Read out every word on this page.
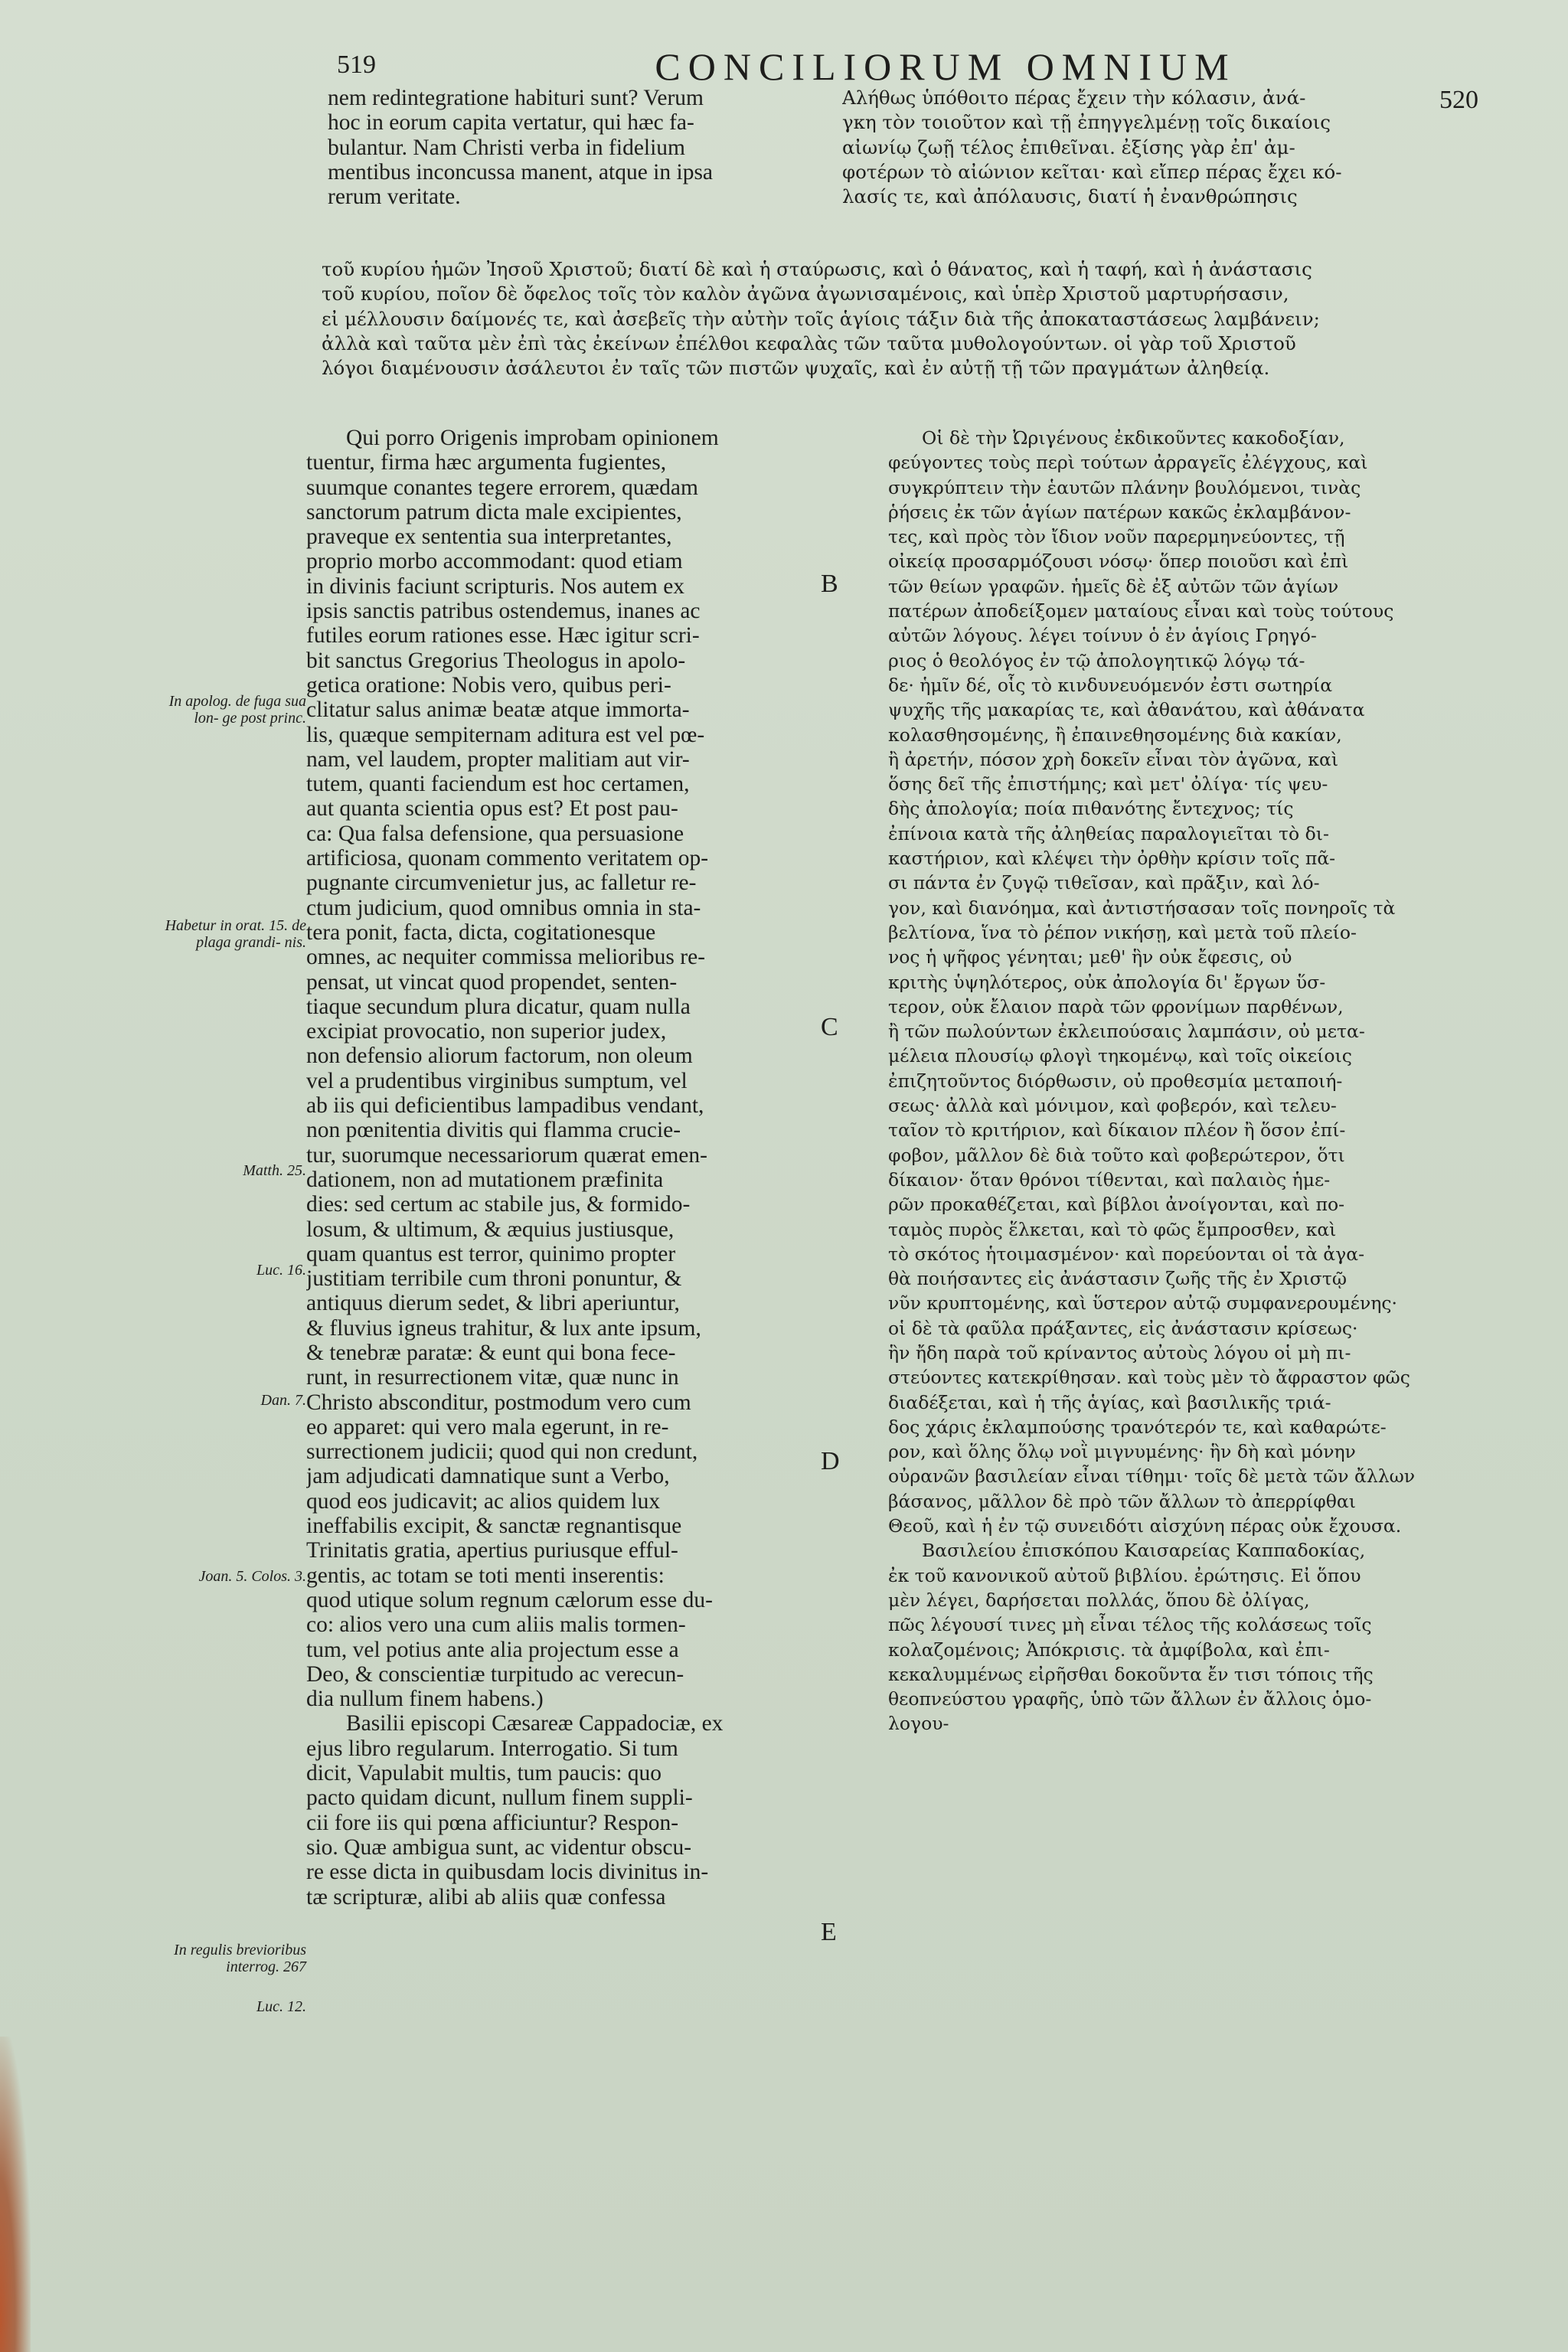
519	CONCILIORUM OMNIUM
520
nem redintegratione habituri sunt? Verum
hoc in eorum capita vertatur, qui hæc fa-
bulantur. Nam Christi verba in fidelium
mentibus inconcussa manent, atque in ipsa
rerum veritate.
Αλήθως ὑπόθοιτο πέρας ἔχειν τὴν κόλασιν, ἀνά-
γκη τὸν τοιοῦτον καὶ τῇ ἐπηγγελμένῃ τοῖς δικαίοις
αἰωνίῳ ζωῇ τέλος ἐπιθεῖναι. ἐξίσης γὰρ ἐπ' ἀμ-
φοτέρων τὸ αἰώνιον κεῖται· καὶ εἴπερ πέρας ἔχει κό-
λασίς τε, καὶ ἀπόλαυσις, διατί ἡ ἐνανθρώπησις
τοῦ κυρίου ἡμῶν Ἰησοῦ Χριστοῦ; διατί δὲ καὶ ἡ σταύρωσις, καὶ ὁ θάνατος, καὶ ἡ ταφή, καὶ ἡ ἀνάστασις
τοῦ κυρίου, ποῖον δὲ ὄφελος τοῖς τὸν καλὸν ἀγῶνα ἀγωνισαμένοις, καὶ ὑπὲρ Χριστοῦ μαρτυρήσασιν,
εἰ μέλλουσιν δαίμονές τε, καὶ ἀσεβεῖς τὴν αὐτὴν τοῖς ἁγίοις τάξιν διὰ τῆς ἀποκαταστάσεως λαμβάνειν;
ἀλλὰ καὶ ταῦτα μὲν ἐπὶ τὰς ἐκείνων ἐπέλθοι κεφαλὰς τῶν ταῦτα μυθολογούντων. οἱ γὰρ τοῦ Χριστοῦ
λόγοι διαμένουσιν ἀσάλευτοι ἐν ταῖς τῶν πιστῶν ψυχαῖς, καὶ ἐν αὐτῇ τῇ τῶν πραγμάτων ἀληθείᾳ.
Qui porro Origenis improbam opinionem
tuentur, firma hæc argumenta fugientes,
suumque conantes tegere errorem, quædam
sanctorum patrum dicta male excipientes,
praveque ex sententia sua interpretantes,
proprio morbo accommodant: quod etiam
in divinis faciunt scripturis. Nos autem ex
ipsis sanctis patribus ostendemus, inanes ac
futiles eorum rationes esse. Hæc igitur scri-
bit sanctus Gregorius Theologus in apolo-
getica oratione: Nobis vero, quibus peri-
clitatur salus animæ beatæ atque immorta-
lis, quæque sempiternam aditura est vel pœ-
nam, vel laudem, propter malitiam aut vir-
tutem, quanti faciendum est hoc certamen,
aut quanta scientia opus est? Et post pau-
ca: Qua falsa defensione, qua persuasione
artificiosa, quonam commento veritatem op-
pugnante circumvenietur jus, ac falletur re-
ctum judicium, quod omnibus omnia in sta-
tera ponit, facta, dicta, cogitationesque
omnes, ac nequiter commissa melioribus re-
pensat, ut vincat quod propendet, senten-
tiaque secundum plura dicatur, quam nulla
excipiat provocatio, non superior judex,
non defensio aliorum factorum, non oleum
vel a prudentibus virginibus sumptum, vel
ab iis qui deficientibus lampadibus vendant,
non pœnitentia divitis qui flamma crucie-
tur, suorumque necessariorum quærat emen-
dationem, non ad mutationem præfinita
dies: sed certum ac stabile jus, & formido-
losum, & ultimum, & æquius justiusque,
quam quantus est terror, quinimo propter
justitiam terribile cum throni ponuntur, &
antiquus dierum sedet, & libri aperiuntur,
& fluvius igneus trahitur, & lux ante ipsum,
& tenebræ paratæ: & eunt qui bona fece-
runt, in resurrectionem vitæ, quæ nunc in
Christo absconditur, postmodum vero cum
eo apparet: qui vero mala egerunt, in re-
surrectionem judicii; quod qui non credunt,
jam adjudicati damnatique sunt a Verbo,
quod eos judicavit; ac alios quidem lux
ineffabilis excipit, & sanctæ regnantisque
Trinitatis gratia, apertius puriusque efful-
gentis, ac totam se toti menti inserentis:
quod utique solum regnum cælorum esse du-
co: alios vero una cum aliis malis tormen-
tum, vel potius ante alia projectum esse a
Deo, & conscientiæ turpitudo ac verecun-
dia nullum finem habens.)
Basilii episcopi Cæsareæ Cappadociæ, ex
ejus libro regularum. Interrogatio. Si tum
dicit, Vapulabit multis, tum paucis: quo
pacto quidam dicunt, nullum finem suppli-
cii fore iis qui pœna afficiuntur? Respon-
sio. Quæ ambigua sunt, ac videntur obscu-
re esse dicta in quibusdam locis divinitus in-
tæ scripturæ, alibi ab aliis quæ confessa
Οἱ δὲ τὴν Ὠριγένους ἐκδικοῦντες κακοδοξίαν,
φεύγοντες τοὺς περὶ τούτων ἀρραγεῖς ἐλέγχους, καὶ
συγκρύπτειν τὴν ἑαυτῶν πλάνην βουλόμενοι, τινὰς
ῥήσεις ἐκ τῶν ἁγίων πατέρων κακῶς ἐκλαμβάνον-
τες, καὶ πρὸς τὸν ἴδιον νοῦν παρερμηνεύοντες, τῇ
οἰκείᾳ προσαρμόζουσι νόσῳ· ὅπερ ποιοῦσι καὶ ἐπὶ
τῶν θείων γραφῶν. ἡμεῖς δὲ ἐξ αὐτῶν τῶν ἁγίων
πατέρων ἀποδείξομεν ματαίους εἶναι καὶ τοὺς τούτους
αὐτῶν λόγους. λέγει τοίνυν ὁ ἐν ἁγίοις Γρηγό-
ριος ὁ θεολόγος ἐν τῷ ἀπολογητικῷ λόγῳ τά-
δε· ἡμῖν δέ, οἷς τὸ κινδυνευόμενόν ἐστι σωτηρία
ψυχῆς τῆς μακαρίας τε, καὶ ἀθανάτου, καὶ ἀθάνατα
κολασθησομένης, ἢ ἐπαινεθησομένης διὰ κακίαν,
ἢ ἀρετήν, πόσον χρὴ δοκεῖν εἶναι τὸν ἀγῶνα, καὶ
ὅσης δεῖ τῆς ἐπιστήμης; καὶ μετ' ὀλίγα· τίς ψευ-
δὴς ἀπολογία; ποία πιθανότης ἔντεχνος; τίς
ἐπίνοια κατὰ τῆς ἀληθείας παραλογιεῖται τὸ δι-
καστήριον, καὶ κλέψει τὴν ὀρθὴν κρίσιν τοῖς πᾶ-
σι πάντα ἐν ζυγῷ τιθεῖσαν, καὶ πρᾶξιν, καὶ λό-
γον, καὶ διανόημα, καὶ ἀντιστήσασαν τοῖς πονηροῖς τὰ
βελτίονα, ἵνα τὸ ῥέπον νικήσῃ, καὶ μετὰ τοῦ πλείο-
νος ἡ ψῆφος γένηται; μεθ' ἣν οὐκ ἔφεσις, οὐ
κριτὴς ὑψηλότερος, οὐκ ἀπολογία δι' ἔργων ὕσ-
τερον, οὐκ ἔλαιον παρὰ τῶν φρονίμων παρθένων,
ἢ τῶν πωλούντων ἐκλειπούσαις λαμπάσιν, οὐ μετα-
μέλεια πλουσίῳ φλογὶ τηκομένῳ, καὶ τοῖς οἰκείοις
ἐπιζητοῦντος διόρθωσιν, οὐ προθεσμία μεταποιή-
σεως· ἀλλὰ καὶ μόνιμον, καὶ φοβερόν, καὶ τελευ-
ταῖον τὸ κριτήριον, καὶ δίκαιον πλέον ἢ ὅσον ἐπί-
φοβον, μᾶλλον δὲ διὰ τοῦτο καὶ φοβερώτερον, ὅτι
δίκαιον· ὅταν θρόνοι τίθενται, καὶ παλαιὸς ἡμε-
ρῶν προκαθέζεται, καὶ βίβλοι ἀνοίγονται, καὶ πο-
ταμὸς πυρὸς ἕλκεται, καὶ τὸ φῶς ἔμπροσθεν, καὶ
τὸ σκότος ἡτοιμασμένον· καὶ πορεύονται οἱ τὰ ἀγα-
θὰ ποιήσαντες εἰς ἀνάστασιν ζωῆς τῆς ἐν Χριστῷ
νῦν κρυπτομένης, καὶ ὕστερον αὐτῷ συμφανερουμένης·
οἱ δὲ τὰ φαῦλα πράξαντες, εἰς ἀνάστασιν κρίσεως·
ἣν ἤδη παρὰ τοῦ κρίναντος αὐτοὺς λόγου οἱ μὴ πι-
στεύοντες κατεκρίθησαν. καὶ τοὺς μὲν τὸ ἄφραστον φῶς
διαδέξεται, καὶ ἡ τῆς ἁγίας, καὶ βασιλικῆς τριά-
δος χάρις ἐκλαμπούσης τρανότερόν τε, καὶ καθαρώτε-
ρον, καὶ ὅλης ὅλῳ νοῒ μιγνυμένης· ἣν δὴ καὶ μόνην
οὐρανῶν βασιλείαν εἶναι τίθημι· τοῖς δὲ μετὰ τῶν ἄλλων
βάσανος, μᾶλλον δὲ πρὸ τῶν ἄλλων τὸ ἀπερρίφθαι
Θεοῦ, καὶ ἡ ἐν τῷ συνειδότι αἰσχύνη πέρας οὐκ ἔχουσα.
Βασιλείου ἐπισκόπου Καισαρείας Καππαδοκίας,
ἐκ τοῦ κανονικοῦ αὐτοῦ βιβλίου. ἐρώτησις. Εἰ ὅπου
μὲν λέγει, δαρήσεται πολλάς, ὅπου δὲ ὀλίγας,
πῶς λέγουσί τινες μὴ εἶναι τέλος τῆς κολάσεως τοῖς
κολαζομένοις; Ἀπόκρισις. τὰ ἀμφίβολα, καὶ ἐπι-
κεκαλυμμένως εἰρῆσθαι δοκοῦντα ἔν τισι τόποις τῆς
θεοπνεύστου γραφῆς, ὑπὸ τῶν ἄλλων ἐν ἄλλοις ὁμο-
λογου-
In apolog. de fuga sua lon- ge post princ.
Habetur in orat. 15. de plaga grandi- nis.
Matth. 25.
Luc. 16.
Dan. 7.
Joan. 5. Colos. 3.
In regulis brevioribus interrog. 267
Luc. 12.
B
C
D
E
